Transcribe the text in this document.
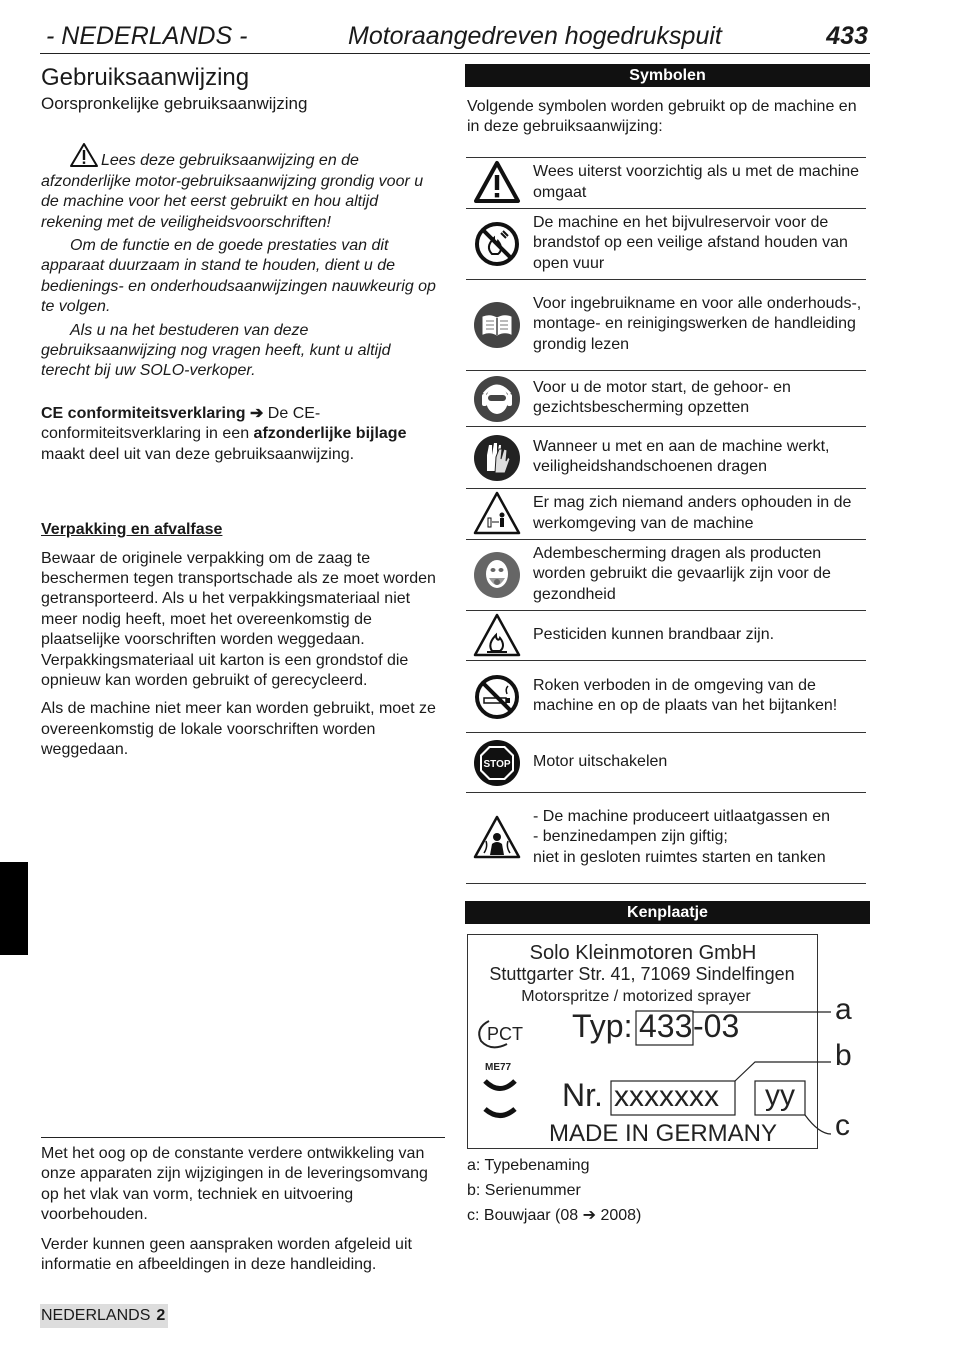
- NEDERLANDS -	Motoraangedreven hogedrukspuit	433
Gebruiksaanwijzing
Oorspronkelijke gebruiksaanwijzing
Lees deze gebruiksaanwijzing en de afzonderlijke motor-gebruiksaanwijzing grondig voor u de machine voor het eerst gebruikt en hou altijd rekening met de veiligheidsvoorschriften!

Om de functie en de goede prestaties van dit apparaat duurzaam in stand te houden, dient u de bedienings- en onderhoudsaanwijzingen nauwkeurig op te volgen.

Als u na het bestuderen van deze gebruiksaanwijzing nog vragen heeft, kunt u altijd terecht bij uw SOLO-verkoper.

CE conformiteitsverklaring ➔ De CE-conformiteitsverklaring in een afzonderlijke bijlage maakt deel uit van deze gebruiksaanwijzing.

Verpakking en afvalfase

Bewaar de originele verpakking om de zaag te beschermen tegen transportschade als ze moet worden getransporteerd. Als u het verpakkingsmateriaal niet meer nodig heeft, moet het overeenkomstig de plaatselijke voorschriften worden weggedaan. Verpakkingsmateriaal uit karton is een grondstof die opnieuw kan worden gebruikt of gerecycleerd.

Als de machine niet meer kan worden gebruikt, moet ze overeenkomstig de lokale voorschriften worden weggedaan.

Met het oog op de constante verdere ontwikkeling van onze apparaten zijn wijzigingen in de leveringsomvang op het vlak van vorm, techniek en uitvoering voorbehouden.

Verder kunnen geen aanspraken worden afgeleid uit informatie en afbeeldingen in deze handleiding.

NEDERLANDS 2
Symbolen
Volgende symbolen worden gebruikt op de machine en in deze gebruiksaanwijzing:
Wees uiterst voorzichtig als u met de machine omgaat
De machine en het bijvulreservoir voor de brandstof op een veilige afstand houden van open vuur
Voor ingebruikname en voor alle onderhouds-, montage- en reinigingswerken de handleiding grondig lezen
Voor u de motor start, de gehoor- en gezichtsbescherming opzetten
Wanneer u met en aan de machine werkt, veiligheidshandschoenen dragen
Er mag zich niemand anders ophouden in de werkomgeving van de machine
Adembescherming dragen als producten worden gebruikt die gevaarlijk zijn voor de gezondheid
Pesticiden kunnen brandbaar zijn.
Roken verboden in de omgeving van de machine en op de plaats van het bijtanken!
STOP	Motor uitschakelen
- De machine produceert uitlaatgassen en
- benzinedampen zijn giftig;
niet in gesloten ruimtes starten en tanken
Kenplaatje
Solo Kleinmotoren GmbH
Stuttgarter Str. 41, 71069 Sindelfingen
Motorspritze / motorized sprayer
PCT
ME77
Typ: 433 -03
Nr. xxxxxxx yy
MADE IN GERMANY
a
b
c
a: Typebenaming
b: Serienummer
c: Bouwjaar (08 ➔ 2008)
